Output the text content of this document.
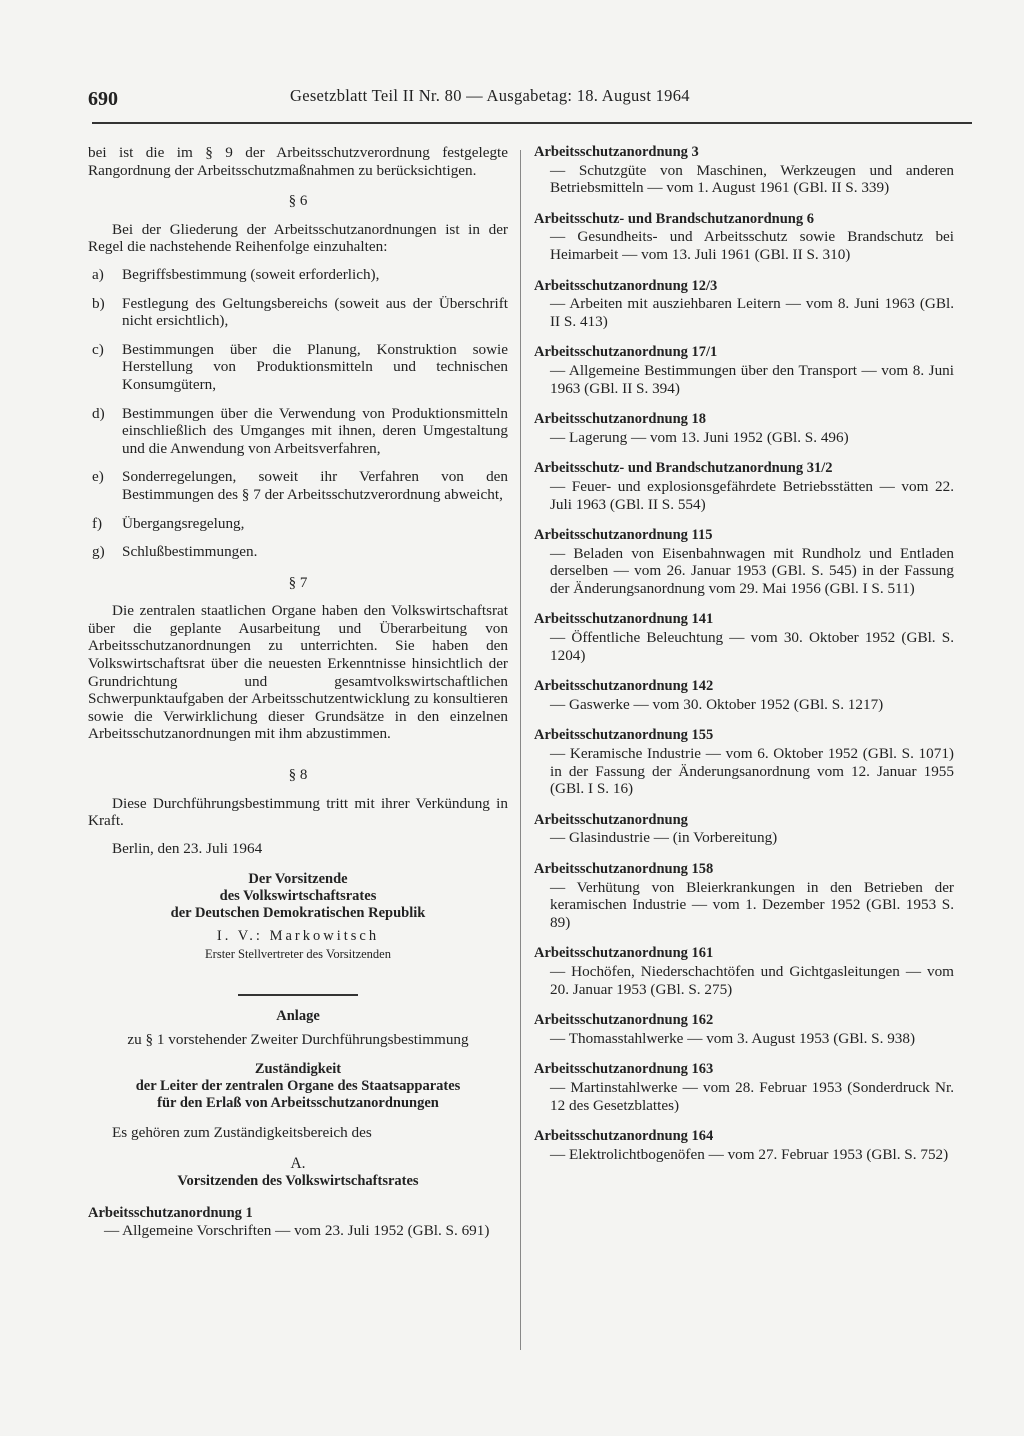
690	Gesetzblatt Teil II Nr. 80 — Ausgabetag: 18. August 1964

bei ist die im § 9 der Arbeitsschutzverordnung festgelegte Rangordnung der Arbeitsschutzmaßnahmen zu berücksichtigen.

§ 6

Bei der Gliederung der Arbeitsschutzanordnungen ist in der Regel die nachstehende Reihenfolge einzuhalten:

a)	Begriffsbestimmung (soweit erforderlich),
b)	Festlegung des Geltungsbereichs (soweit aus der Überschrift nicht ersichtlich),
c)	Bestimmungen über die Planung, Konstruktion sowie Herstellung von Produktionsmitteln und technischen Konsumgütern,
d)	Bestimmungen über die Verwendung von Produktionsmitteln einschließlich des Umganges mit ihnen, deren Umgestaltung und die Anwendung von Arbeitsverfahren,
e)	Sonderregelungen, soweit ihr Verfahren von den Bestimmungen des § 7 der Arbeitsschutzverordnung abweicht,
f)	Übergangsregelung,
g)	Schlußbestimmungen.
§ 7

Die zentralen staatlichen Organe haben den Volkswirtschaftsrat über die geplante Ausarbeitung und Überarbeitung von Arbeitsschutzanordnungen zu unterrichten. Sie haben den Volkswirtschaftsrat über die neuesten Erkenntnisse hinsichtlich der Grundrichtung und gesamtvolkswirtschaftlichen Schwerpunktaufgaben der Arbeitsschutzentwicklung zu konsultieren sowie die Verwirklichung dieser Grundsätze in den einzelnen Arbeitsschutzanordnungen mit ihm abzustimmen.

§ 8

Diese Durchführungsbestimmung tritt mit ihrer Verkündung in Kraft.

Berlin, den 23. Juli 1964

Der Vorsitzende
des Volkswirtschaftsrates
der Deutschen Demokratischen Republik
I. V.: Markowitsch
Erster Stellvertreter des Vorsitzenden
Anlage
zu § 1 vorstehender Zweiter Durchführungsbestimmung
Zuständigkeit
der Leiter der zentralen Organe des Staatsapparates
für den Erlaß von Arbeitsschutzanordnungen

Es gehören zum Zuständigkeitsbereich des

A.
Vorsitzenden des Volkswirtschaftsrates
Arbeitsschutzanordnung 1
— Allgemeine Vorschriften — vom 23. Juli 1952 (GBl. S. 691)
Arbeitsschutzanordnung 3
— Schutzgüte von Maschinen, Werkzeugen und anderen Betriebsmitteln — vom 1. August 1961 (GBl. II S. 339)
Arbeitsschutz- und Brandschutzanordnung 6
— Gesundheits- und Arbeitsschutz sowie Brandschutz bei Heimarbeit — vom 13. Juli 1961 (GBl. II S. 310)
Arbeitsschutzanordnung 12/3
— Arbeiten mit ausziehbaren Leitern — vom 8. Juni 1963 (GBl. II S. 413)
Arbeitsschutzanordnung 17/1
— Allgemeine Bestimmungen über den Transport — vom 8. Juni 1963 (GBl. II S. 394)
Arbeitsschutzanordnung 18
— Lagerung — vom 13. Juni 1952 (GBl. S. 496)
Arbeitsschutz- und Brandschutzanordnung 31/2
— Feuer- und explosionsgefährdete Betriebsstätten — vom 22. Juli 1963 (GBl. II S. 554)
Arbeitsschutzanordnung 115
— Beladen von Eisenbahnwagen mit Rundholz und Entladen derselben — vom 26. Januar 1953 (GBl. S. 545) in der Fassung der Änderungsanordnung vom 29. Mai 1956 (GBl. I S. 511)
Arbeitsschutzanordnung 141
— Öffentliche Beleuchtung — vom 30. Oktober 1952 (GBl. S. 1204)
Arbeitsschutzanordnung 142
— Gaswerke — vom 30. Oktober 1952 (GBl. S. 1217)
Arbeitsschutzanordnung 155
— Keramische Industrie — vom 6. Oktober 1952 (GBl. S. 1071) in der Fassung der Änderungsanordnung vom 12. Januar 1955 (GBl. I S. 16)
Arbeitsschutzanordnung
— Glasindustrie — (in Vorbereitung)
Arbeitsschutzanordnung 158
— Verhütung von Bleierkrankungen in den Betrieben der keramischen Industrie — vom 1. Dezember 1952 (GBl. 1953 S. 89)
Arbeitsschutzanordnung 161
— Hochöfen, Niederschachtöfen und Gichtgasleitungen — vom 20. Januar 1953 (GBl. S. 275)
Arbeitsschutzanordnung 162
— Thomasstahlwerke — vom 3. August 1953 (GBl. S. 938)
Arbeitsschutzanordnung 163
— Martinstahlwerke — vom 28. Februar 1953 (Sonderdruck Nr. 12 des Gesetzblattes)
Arbeitsschutzanordnung 164
— Elektrolichtbogenöfen — vom 27. Februar 1953 (GBl. S. 752)
